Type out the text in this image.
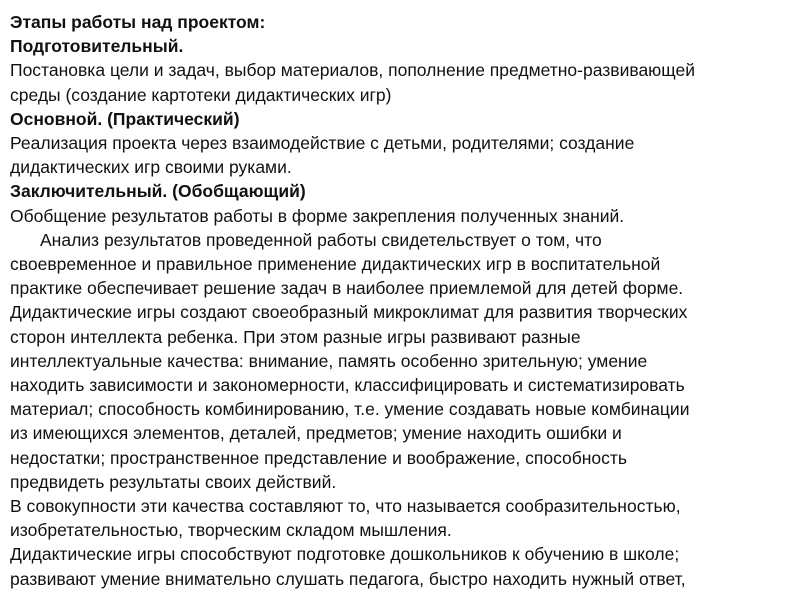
Этапы работы над проектом:
Подготовительный.
Постановка цели и задач, выбор материалов, пополнение предметно-развивающей
среды (создание картотеки дидактических игр)
Основной. (Практический)
Реализация проекта через взаимодействие с детьми, родителями; создание
дидактических игр своими руками.
Заключительный. (Обобщающий)
Обобщение результатов работы в форме закрепления полученных знаний.
Анализ результатов проведенной работы свидетельствует о том, что
своевременное и правильное применение дидактических игр в воспитательной
практике обеспечивает решение задач в наиболее приемлемой для детей форме.
Дидактические игры создают своеобразный микроклимат для развития творческих
сторон интеллекта ребенка. При этом разные игры развивают разные
интеллектуальные качества: внимание, память особенно зрительную; умение
находить зависимости и закономерности, классифицировать и систематизировать
материал; способность комбинированию, т.е. умение создавать новые комбинации
из имеющихся элементов, деталей, предметов; умение находить ошибки и
недостатки; пространственное представление и воображение, способность
предвидеть результаты своих действий.
В совокупности эти качества составляют то, что называется сообразительностью,
изобретательностью, творческим складом мышления.
Дидактические игры способствуют подготовке дошкольников к обучению в школе;
развивают умение внимательно слушать педагога, быстро находить нужный ответ,
